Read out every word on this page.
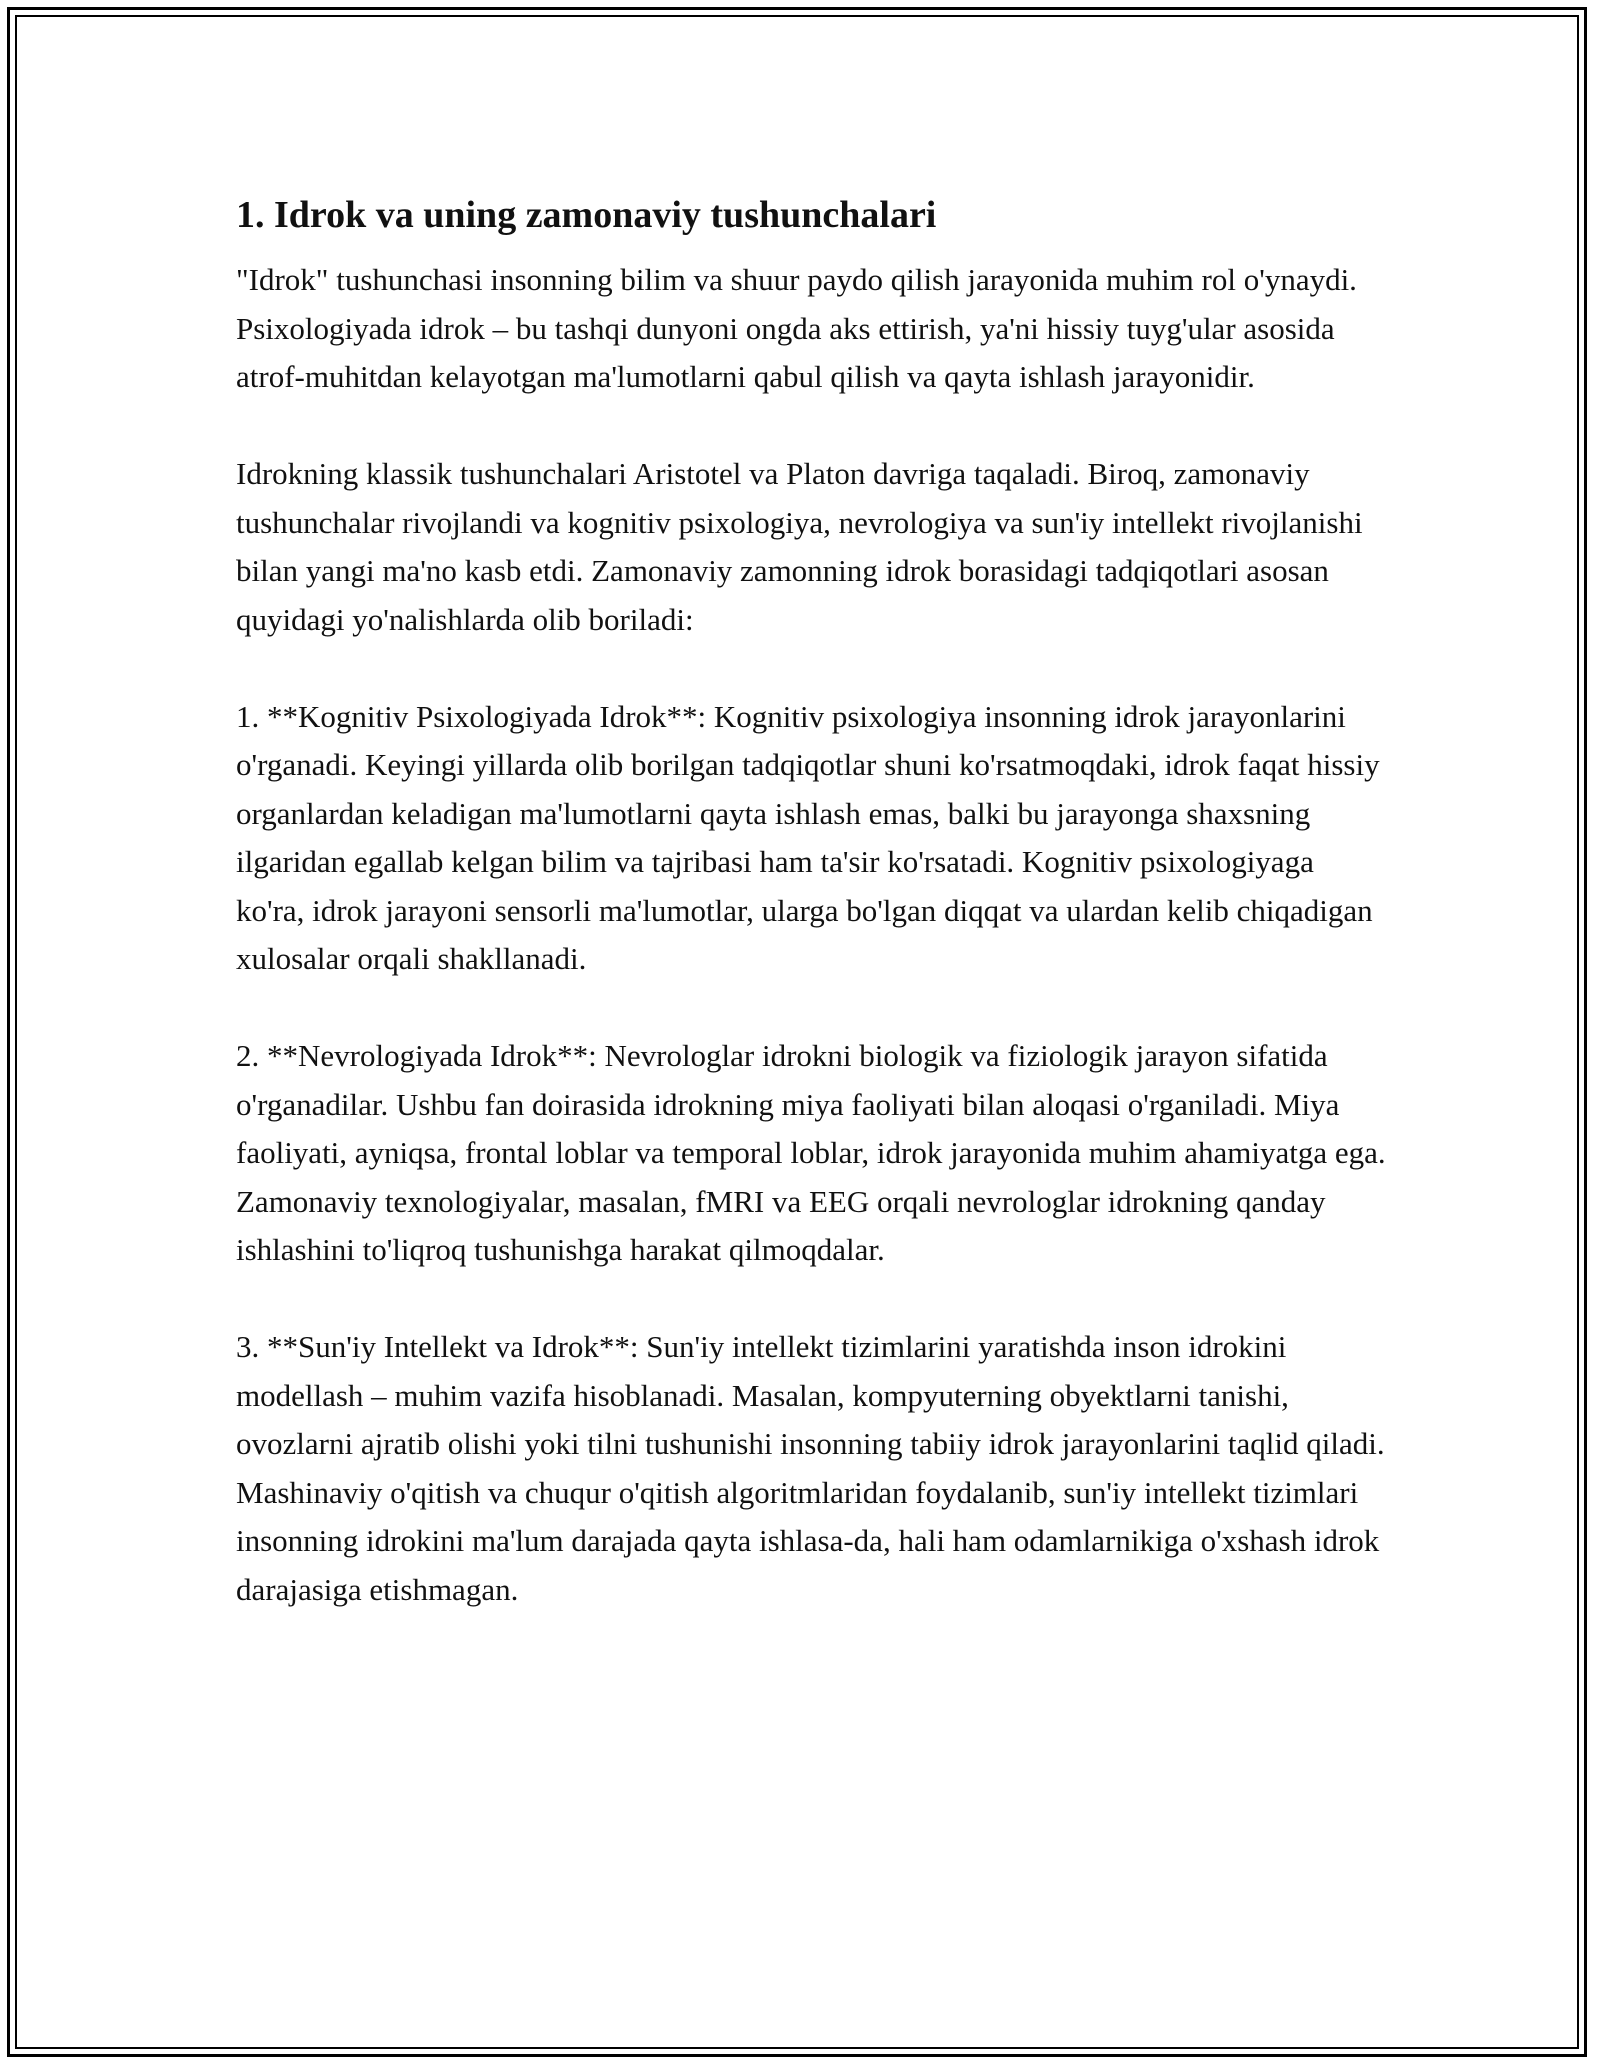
1. Idrok va uning zamonaviy tushunchalari

"Idrok" tushunchasi insonning bilim va shuur paydo qilish jarayonida muhim rol o'ynaydi. Psixologiyada idrok – bu tashqi dunyoni ongda aks ettirish, ya'ni hissiy tuyg'ular asosida atrof-muhitdan kelayotgan ma'lumotlarni qabul qilish va qayta ishlash jarayonidir.

Idrokning klassik tushunchalari Aristotel va Platon davriga taqaladi. Biroq, zamonaviy tushunchalar rivojlandi va kognitiv psixologiya, nevrologiya va sun'iy intellekt rivojlanishi bilan yangi ma'no kasb etdi. Zamonaviy zamonning idrok borasidagi tadqiqotlari asosan quyidagi yo'nalishlarda olib boriladi:

1. **Kognitiv Psixologiyada Idrok**: Kognitiv psixologiya insonning idrok jarayonlarini o'rganadi. Keyingi yillarda olib borilgan tadqiqotlar shuni ko'rsatmoqdaki, idrok faqat hissiy organlardan keladigan ma'lumotlarni qayta ishlash emas, balki bu jarayonga shaxsning ilgaridan egallab kelgan bilim va tajribasi ham ta'sir ko'rsatadi. Kognitiv psixologiyaga ko'ra, idrok jarayoni sensorli ma'lumotlar, ularga bo'lgan diqqat va ulardan kelib chiqadigan xulosalar orqali shakllanadi.

2. **Nevrologiyada Idrok**: Nevrologlar idrokni biologik va fiziologik jarayon sifatida o'rganadilar. Ushbu fan doirasida idrokning miya faoliyati bilan aloqasi o'rganiladi. Miya faoliyati, ayniqsa, frontal loblar va temporal loblar, idrok jarayonida muhim ahamiyatga ega. Zamonaviy texnologiyalar, masalan, fMRI va EEG orqali nevrologlar idrokning qanday ishlashini to'liqroq tushunishga harakat qilmoqdalar.

3. **Sun'iy Intellekt va Idrok**: Sun'iy intellekt tizimlarini yaratishda inson idrokini modellash – muhim vazifa hisoblanadi. Masalan, kompyuterning obyektlarni tanishi, ovozlarni ajratib olishi yoki tilni tushunishi insonning tabiiy idrok jarayonlarini taqlid qiladi. Mashinaviy o'qitish va chuqur o'qitish algoritmlaridan foydalanib, sun'iy intellekt tizimlari insonning idrokini ma'lum darajada qayta ishlasa-da, hali ham odamlarnikiga o'xshash idrok darajasiga etishmagan.
